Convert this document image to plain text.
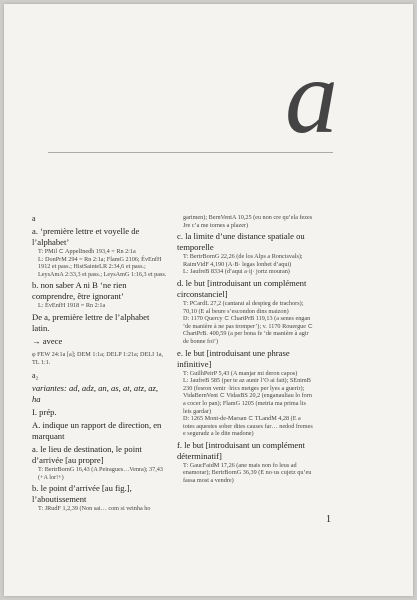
a

a

a. ‘première lettre et voyelle de l’alphabet’

T: PMil ⊂ AppelInedh 193,4 = Rn 2:1a

L: DonPrM 294 = Rn 2:1a; FlamG 2106; ÉvEnfH 1912 et pass.; HistSainteLR 2:34,6 et pass.; LeysAmA 2:33,3 et pass.; LeysAmG 1:16,3 et pass.

b. non saber A ni B ‘ne rien comprendre, être ignorant’

L: ÉvEnfH 1918 = Rn 2:1a

De a, première lettre de l’alphabet latin.

→ avece

φ FEW 24:1a [a]; DEM 1:1a; DELP 1:21a; DELI 1a, TL 1:1.

a₂

variantes: ad, adz, an, as, at, atz, az, ha

I. prép.

A. indique un rapport de direction, en marquant

a. le lieu de destination, le point d’arrivée [au propre]

T: BertrBornG 16,43 (A Peiragues…Venra); 37,43 (+A lor!+)

b. le point d’arrivée [au fig.], l’aboutissement

T: JRudF 1,2,39 (Non sai… com si veinha ho

garimen); BernVentA 10,25 (eu non cre qu’ela fezes Jre c’a me tornes a plazer)

c. la limite d’une distance spatiale ou temporelle

T: BertrBornG 22,26 (de los Alps a Roncisvals); RaimVidF 4,190 (A·B· legas lonhet d’aqui)

L: JaufreB 8334 (d’aqui a·ij· jortz mouran)

d. le but [introduisant un complément circonstanciel]

T: PCardL 27,2 (cantarai al despieg de trachors); 70,10 (E al beure s’escondon dins maizon)

D: 1170 Quercy ⊂ ChartPrB 119,13 (a senes engan ‘de manière à ne pas tromper’); v. 1170 Rouergue ⊂ ChartPrB. 400,59 (a per bona fe ‘de manière à agir de bonne foi’)

e. le but [introduisant une phrase infinitive]

T: GuilhPeirP 5,43 (A manjar mi deron capos)

L: JaufreB 585 (per te az aunir l’O ai fait); SEnimB 230 (fesron venir ·lrics metges per lyes a guerir); VidaBernVent ⊂ VidasBS 20,2 (enganauliau lo forn a cocer lo pan); FlamG 1205 (metria ma prima lis leis gardar)

D: 1265 Mont-de-Marsan ⊂ TLandM 4,28 (E a totes aquestes sober dites causes far… nedod fremes e seguradz a le dite madone)

f. le but [introduisant un complément déterminatif]

T: GaucFaidM 17,26 (ane mais non fo leus ad enamorar); BertrBornG 36,39 (E no·us cujetz qu’eu fassa most a vendre)

1
